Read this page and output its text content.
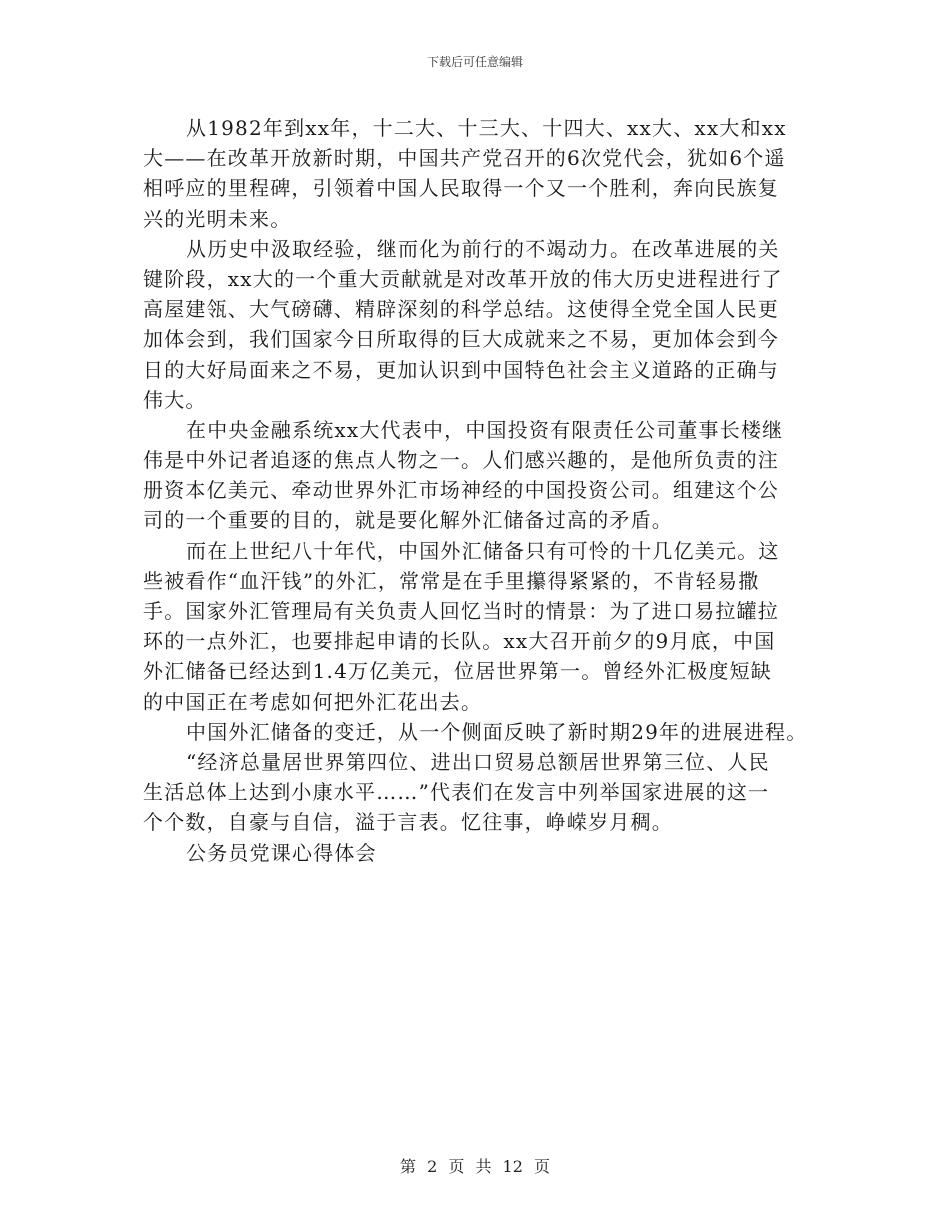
下载后可任意编辑
从1982年到xx年，十二大、十三大、十四大、xx大、xx大和xx
大——在改革开放新时期，中国共产党召开的6次党代会，犹如6个遥
相呼应的里程碑，引领着中国人民取得一个又一个胜利，奔向民族复
兴的光明未来。
从历史中汲取经验，继而化为前行的不竭动力。在改革进展的关
键阶段，xx大的一个重大贡献就是对改革开放的伟大历史进程进行了
高屋建瓴、大气磅礴、精辟深刻的科学总结。这使得全党全国人民更
加体会到，我们国家今日所取得的巨大成就来之不易，更加体会到今
日的大好局面来之不易，更加认识到中国特色社会主义道路的正确与
伟大。
在中央金融系统xx大代表中，中国投资有限责任公司董事长楼继
伟是中外记者追逐的焦点人物之一。人们感兴趣的，是他所负责的注
册资本亿美元、牵动世界外汇市场神经的中国投资公司。组建这个公
司的一个重要的目的，就是要化解外汇储备过高的矛盾。
而在上世纪八十年代，中国外汇储备只有可怜的十几亿美元。这
些被看作“血汗钱”的外汇，常常是在手里攥得紧紧的，不肯轻易撒
手。国家外汇管理局有关负责人回忆当时的情景：为了进口易拉罐拉
环的一点外汇，也要排起申请的长队。xx大召开前夕的9月底，中国
外汇储备已经达到1.4万亿美元，位居世界第一。曾经外汇极度短缺
的中国正在考虑如何把外汇花出去。
中国外汇储备的变迁，从一个侧面反映了新时期29年的进展进程。
“经济总量居世界第四位、进出口贸易总额居世界第三位、人民
生活总体上达到小康水平……”代表们在发言中列举国家进展的这一
个个数，自豪与自信，溢于言表。忆往事，峥嵘岁月稠。
公务员党课心得体会
第 2 页 共 12 页
